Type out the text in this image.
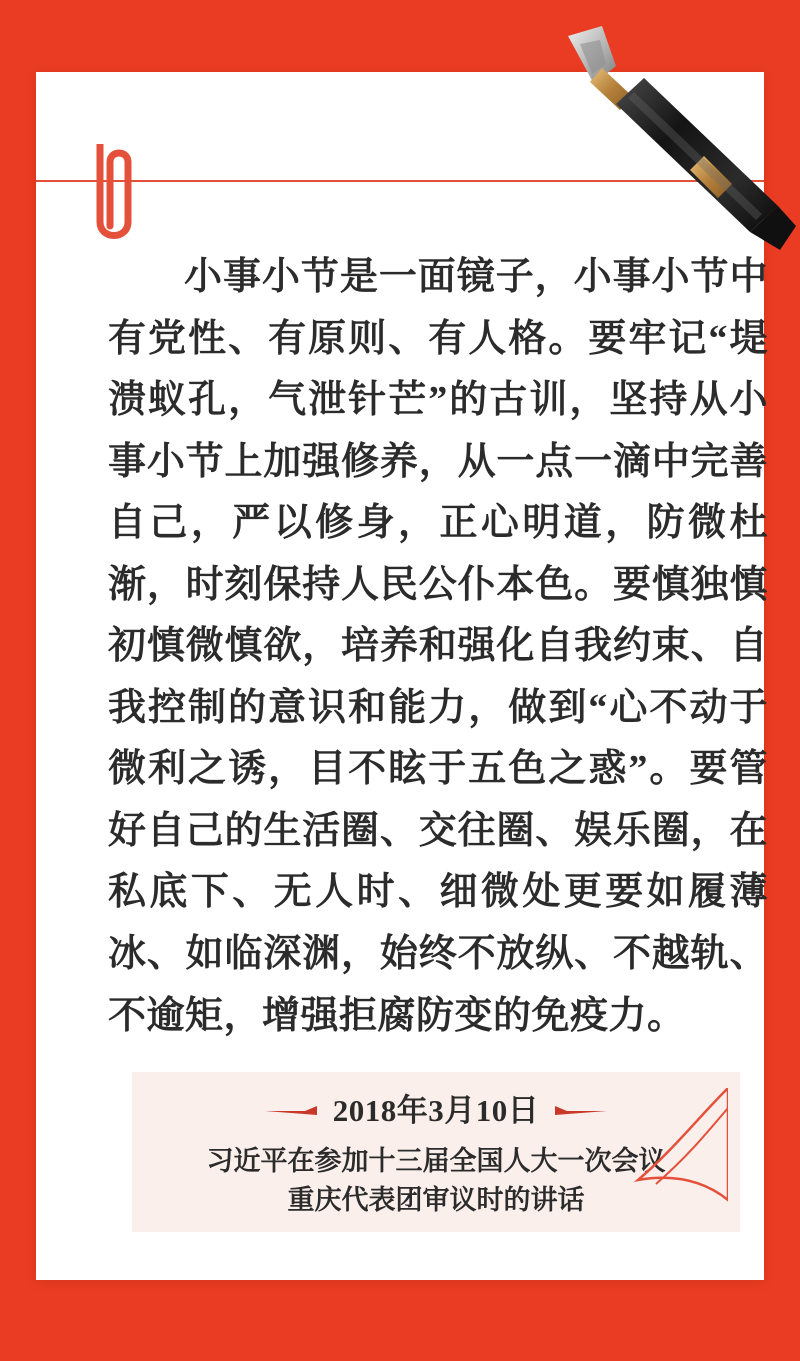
小事小节是一面镜子，小事小节中有党性、有原则、有人格。要牢记“堤溃蚁孔，气泄针芒”的古训，坚持从小事小节上加强修养，从一点一滴中完善自己，严以修身，正心明道，防微杜渐，时刻保持人民公仆本色。要慎独慎初慎微慎欲，培养和强化自我约束、自我控制的意识和能力，做到“心不动于微利之诱，目不眩于五色之惑”。要管好自己的生活圈、交往圈、娱乐圈，在私底下、无人时、细微处更要如履薄冰、如临深渊，始终不放纵、不越轨、不逾矩，增强拒腐防变的免疫力。
2018年3月10日
习近平在参加十三届全国人大一次会议
重庆代表团审议时的讲话
